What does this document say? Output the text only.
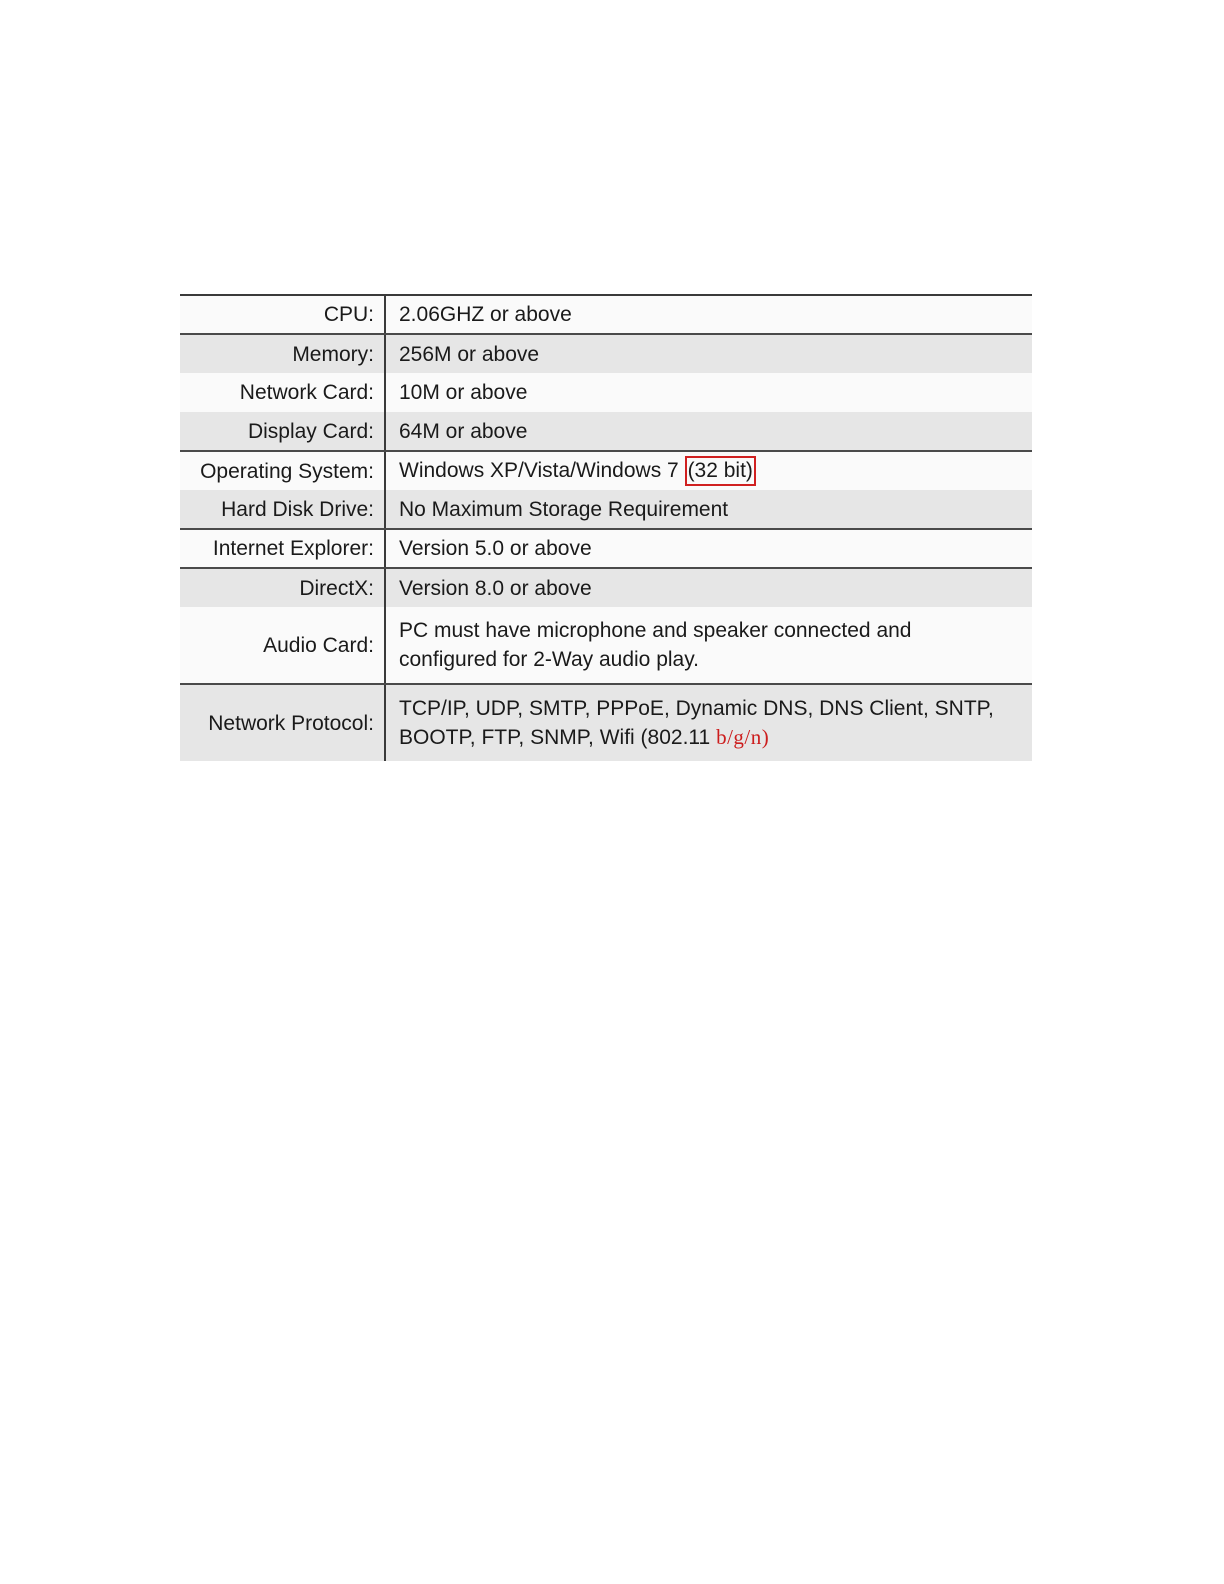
CPU:	2.06GHZ or above
Memory:	256M or above
Network Card:	10M or above
Display Card:	64M or above
Operating System:	Windows XP/Vista/Windows 7 (32 bit)
Hard Disk Drive:	No Maximum Storage Requirement
Internet Explorer:	Version 5.0 or above
DirectX:	Version 8.0 or above
Audio Card:	PC must have microphone and speaker connected and
configured for 2-Way audio play.

Network Protocol:	TCP/IP, UDP, SMTP, PPPoE, Dynamic DNS, DNS Client, SNTP,
BOOTP, FTP, SNMP, Wifi (802.11 b/g/n)
